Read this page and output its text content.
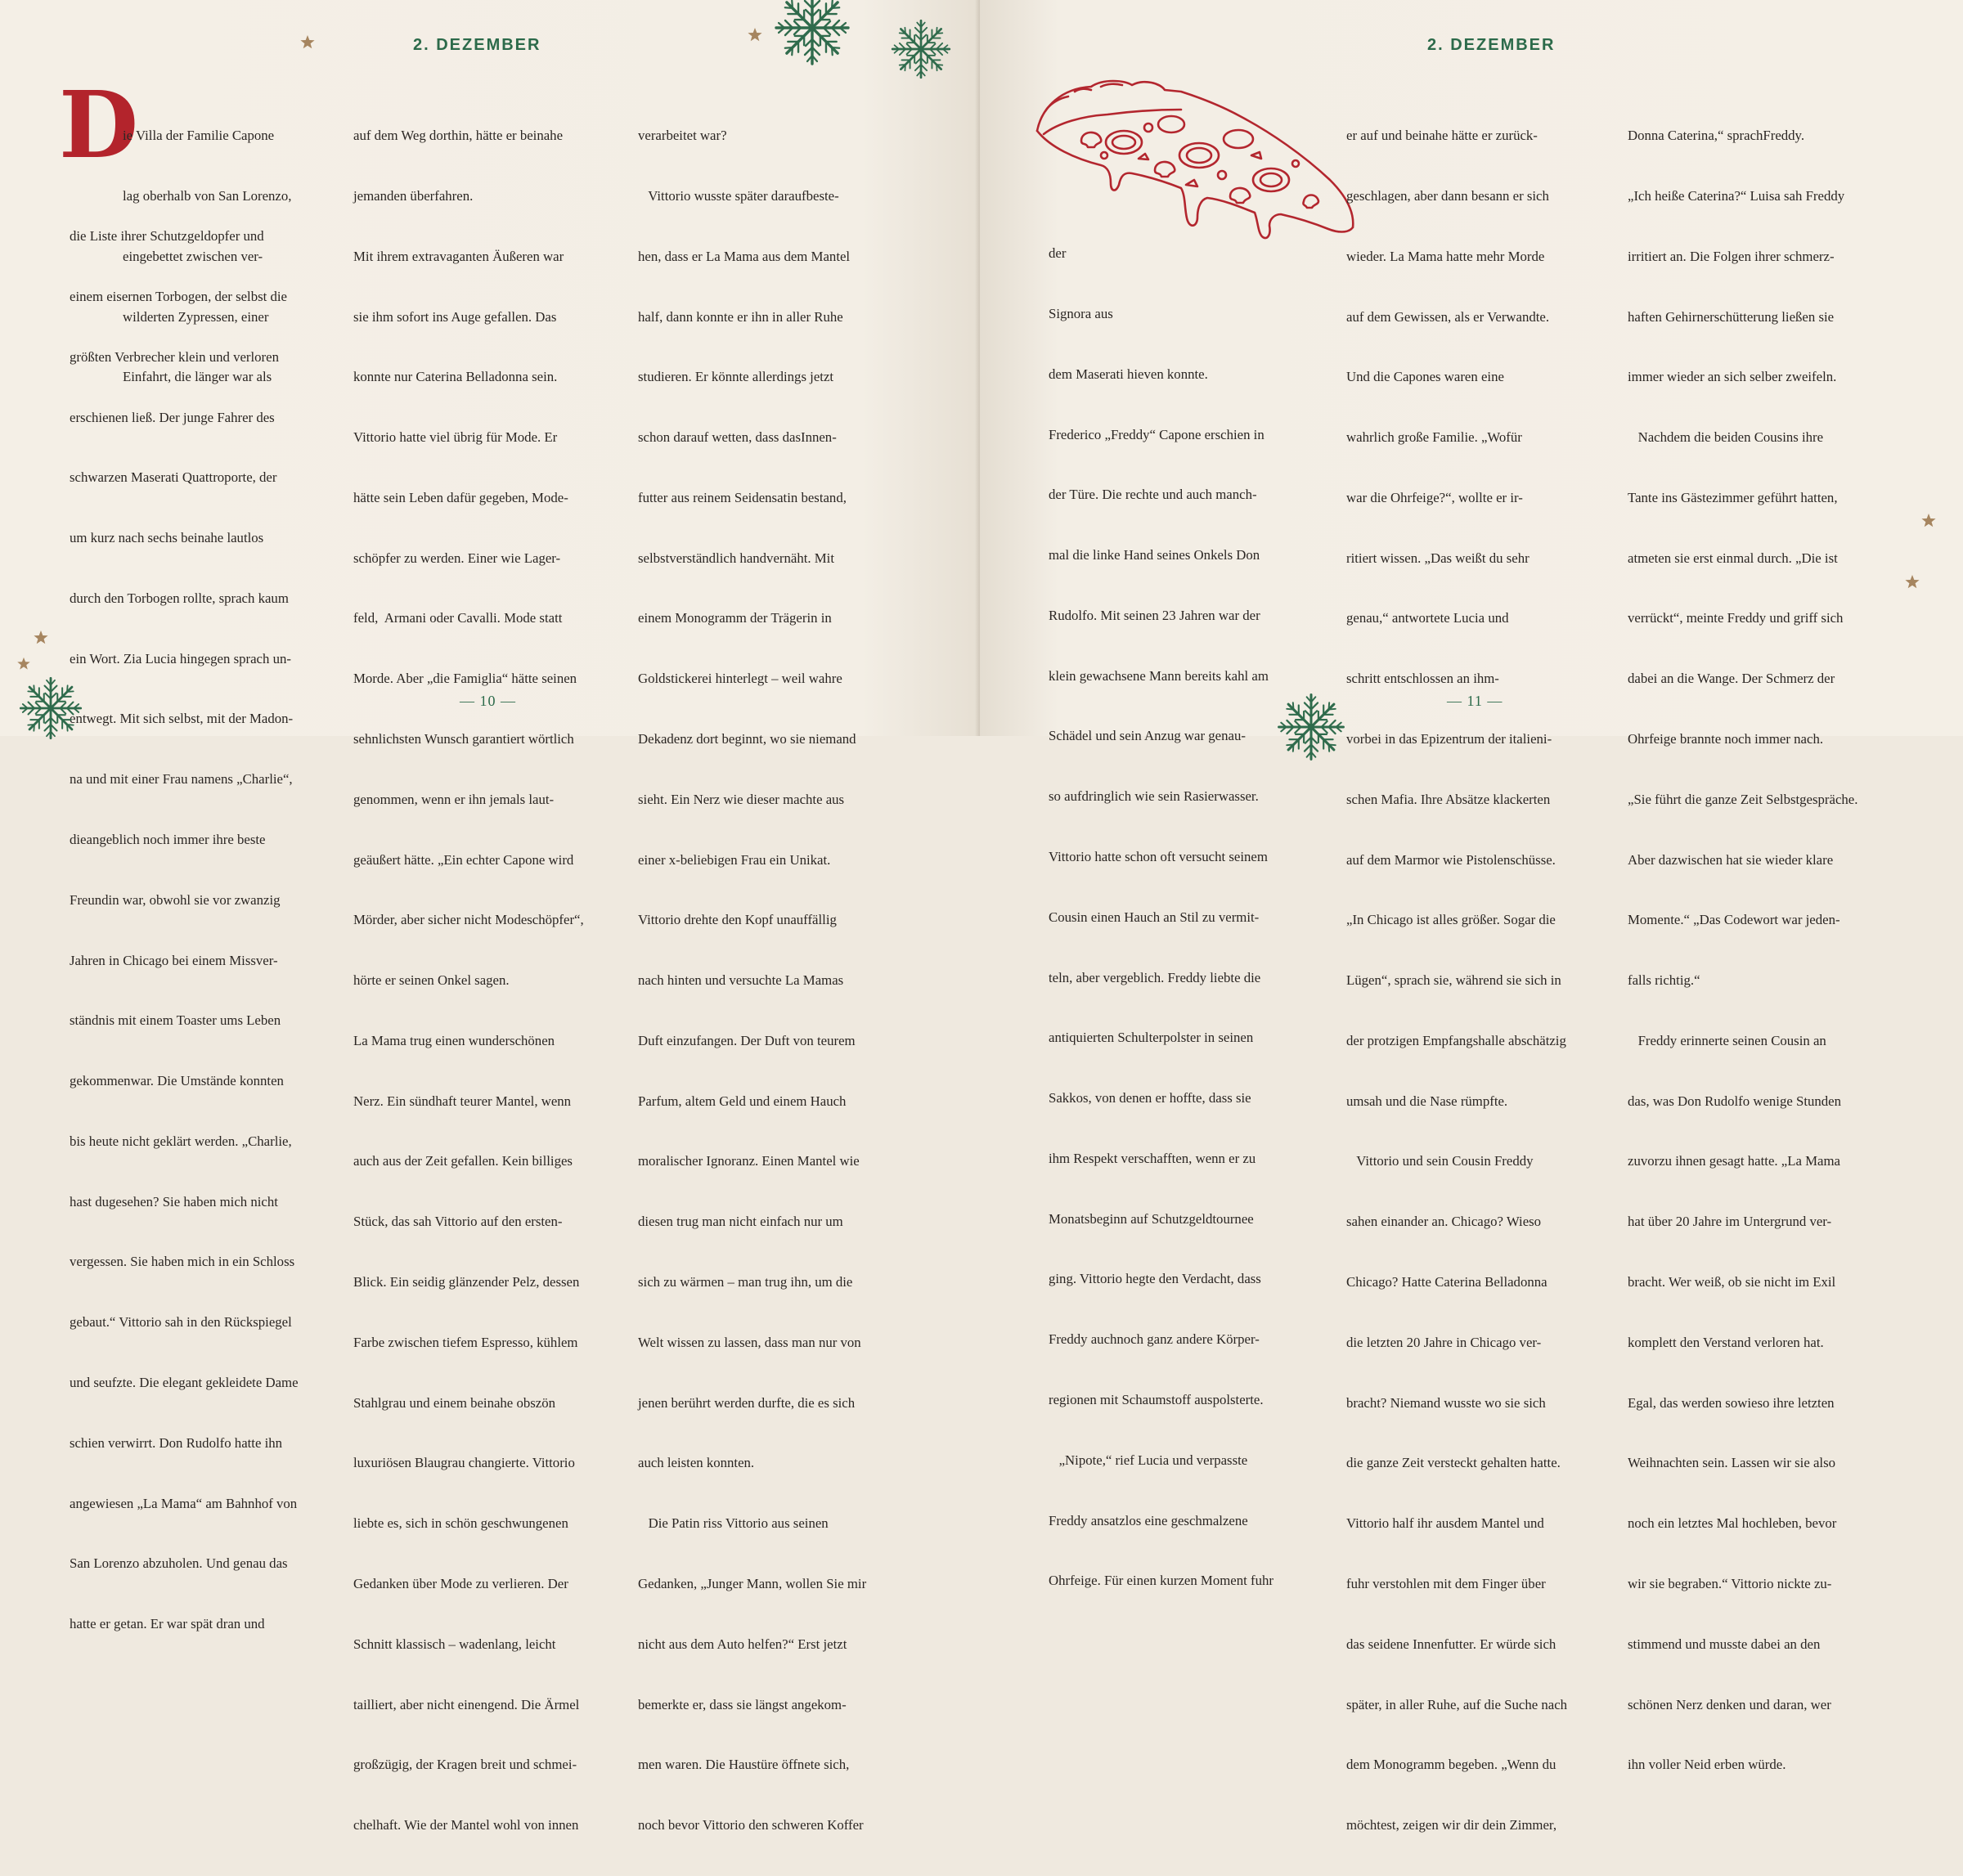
2. DEZEMBER
D

ie Villa der Familie Capone

lag oberhalb von San Lorenzo,

eingebettet zwischen ver-

wilderten Zypressen, einer

Einfahrt, die länger war als

die Liste ihrer Schutzgeldopfer und

einem eisernen Torbogen, der selbst die

größten Verbrecher klein und verloren

erschienen ließ. Der junge Fahrer des

schwarzen Maserati Quattroporte, der

um kurz nach sechs beinahe lautlos

durch den Torbogen rollte, sprach kaum

ein Wort. Zia Lucia hingegen sprach un-

entwegt. Mit sich selbst, mit der Madon-

na und mit einer Frau namens „Charlie“,

dieangeblich noch immer ihre beste

Freundin war, obwohl sie vor zwanzig

Jahren in Chicago bei einem Missver-

ständnis mit einem Toaster ums Leben

gekommenwar. Die Umstände konnten

bis heute nicht geklärt werden. „Charlie,

hast dugesehen? Sie haben mich nicht

vergessen. Sie haben mich in ein Schloss

gebaut.“ Vittorio sah in den Rückspiegel

und seufzte. Die elegant gekleidete Dame

schien verwirrt. Don Rudolfo hatte ihn

angewiesen „La Mama“ am Bahnhof von

San Lorenzo abzuholen. Und genau das

hatte er getan. Er war spät dran und

auf dem Weg dorthin, hätte er beinahe

jemanden überfahren.

Mit ihrem extravaganten Äußeren war

sie ihm sofort ins Auge gefallen. Das

konnte nur Caterina Belladonna sein.

Vittorio hatte viel übrig für Mode. Er

hätte sein Leben dafür gegeben, Mode-

schöpfer zu werden. Einer wie Lager-

feld,  Armani oder Cavalli. Mode statt

Morde. Aber „die Famiglia“ hätte seinen

sehnlichsten Wunsch garantiert wörtlich

genommen, wenn er ihn jemals laut-

geäußert hätte. „Ein echter Capone wird

Mörder, aber sicher nicht Modeschöpfer“,

hörte er seinen Onkel sagen.

La Mama trug einen wunderschönen

Nerz. Ein sündhaft teurer Mantel, wenn

auch aus der Zeit gefallen. Kein billiges

Stück, das sah Vittorio auf den ersten-

Blick. Ein seidig glänzender Pelz, dessen

Farbe zwischen tiefem Espresso, kühlem

Stahlgrau und einem beinahe obszön

luxuriösen Blaugrau changierte. Vittorio

liebte es, sich in schön geschwungenen

Gedanken über Mode zu verlieren. Der

Schnitt klassisch – wadenlang, leicht

tailliert, aber nicht einengend. Die Ärmel

großzügig, der Kragen breit und schmei-

chelhaft. Wie der Mantel wohl von innen

verarbeitet war?

Vittorio wusste später daraufbeste-

hen, dass er La Mama aus dem Mantel

half, dann konnte er ihn in aller Ruhe

studieren. Er könnte allerdings jetzt

schon darauf wetten, dass dasInnen-

futter aus reinem Seidensatin bestand,

selbstverständlich handvernäht. Mit

einem Monogramm der Trägerin in

Goldstickerei hinterlegt – weil wahre

Dekadenz dort beginnt, wo sie niemand

sieht. Ein Nerz wie dieser machte aus

einer x-beliebigen Frau ein Unikat.

Vittorio drehte den Kopf unauffällig

nach hinten und versuchte La Mamas

Duft einzufangen. Der Duft von teurem

Parfum, altem Geld und einem Hauch

moralischer Ignoranz. Einen Mantel wie

diesen trug man nicht einfach nur um

sich zu wärmen – man trug ihn, um die

Welt wissen zu lassen, dass man nur von

jenen berührt werden durfte, die es sich

auch leisten konnten.

Die Patin riss Vittorio aus seinen

Gedanken, „Junger Mann, wollen Sie mir

nicht aus dem Auto helfen?“ Erst jetzt

bemerkte er, dass sie längst angekom-

men waren. Die Haustüre öffnete sich,

noch bevor Vittorio den schweren Koffer

— 10 —
2. DEZEMBER

der

Signora aus

dem Maserati hieven konnte.

Frederico „Freddy“ Capone erschien in

der Türe. Die rechte und auch manch-

mal die linke Hand seines Onkels Don

Rudolfo. Mit seinen 23 Jahren war der

klein gewachsene Mann bereits kahl am

Schädel und sein Anzug war genau-

so aufdringlich wie sein Rasierwasser.

Vittorio hatte schon oft versucht seinem

Cousin einen Hauch an Stil zu vermit-

teln, aber vergeblich. Freddy liebte die

antiquierten Schulterpolster in seinen

Sakkos, von denen er hoffte, dass sie

ihm Respekt verschafften, wenn er zu

Monatsbeginn auf Schutzgeldtournee

ging. Vittorio hegte den Verdacht, dass

Freddy auchnoch ganz andere Körper-

regionen mit Schaumstoff auspolsterte.

„Nipote,“ rief Lucia und verpasste

Freddy ansatzlos eine geschmalzene

Ohrfeige. Für einen kurzen Moment fuhr

er auf und beinahe hätte er zurück-

geschlagen, aber dann besann er sich

wieder. La Mama hatte mehr Morde

auf dem Gewissen, als er Verwandte.

Und die Capones waren eine

wahrlich große Familie. „Wofür

war die Ohrfeige?“, wollte er ir-

ritiert wissen. „Das weißt du sehr

genau,“ antwortete Lucia und

schritt entschlossen an ihm-

vorbei in das Epizentrum der italieni-

schen Mafia. Ihre Absätze klackerten

auf dem Marmor wie Pistolenschüsse.

„In Chicago ist alles größer. Sogar die

Lügen“, sprach sie, während sie sich in

der protzigen Empfangshalle abschätzig

umsah und die Nase rümpfte.

Vittorio und sein Cousin Freddy

sahen einander an. Chicago? Wieso

Chicago? Hatte Caterina Belladonna

die letzten 20 Jahre in Chicago ver-

bracht? Niemand wusste wo sie sich

die ganze Zeit versteckt gehalten hatte.

Vittorio half ihr ausdem Mantel und

fuhr verstohlen mit dem Finger über

das seidene Innenfutter. Er würde sich

später, in aller Ruhe, auf die Suche nach

dem Monogramm begeben. „Wenn du

möchtest, zeigen wir dir dein Zimmer,

Donna Caterina,“ sprachFreddy.

„Ich heiße Caterina?“ Luisa sah Freddy

irritiert an. Die Folgen ihrer schmerz-

haften Gehirnerschütterung ließen sie

immer wieder an sich selber zweifeln.

Nachdem die beiden Cousins ihre

Tante ins Gästezimmer geführt hatten,

atmeten sie erst einmal durch. „Die ist

verrückt“, meinte Freddy und griff sich

dabei an die Wange. Der Schmerz der

Ohrfeige brannte noch immer nach.

„Sie führt die ganze Zeit Selbstgespräche.

Aber dazwischen hat sie wieder klare

Momente.“ „Das Codewort war jeden-

falls richtig.“

Freddy erinnerte seinen Cousin an

das, was Don Rudolfo wenige Stunden

zuvorzu ihnen gesagt hatte. „La Mama

hat über 20 Jahre im Untergrund ver-

bracht. Wer weiß, ob sie nicht im Exil

komplett den Verstand verloren hat.

Egal, das werden sowieso ihre letzten

Weihnachten sein. Lassen wir sie also

noch ein letztes Mal hochleben, bevor

wir sie begraben.“ Vittorio nickte zu-

stimmend und musste dabei an den

schönen Nerz denken und daran, wer

ihn voller Neid erben würde.

— 11 —
